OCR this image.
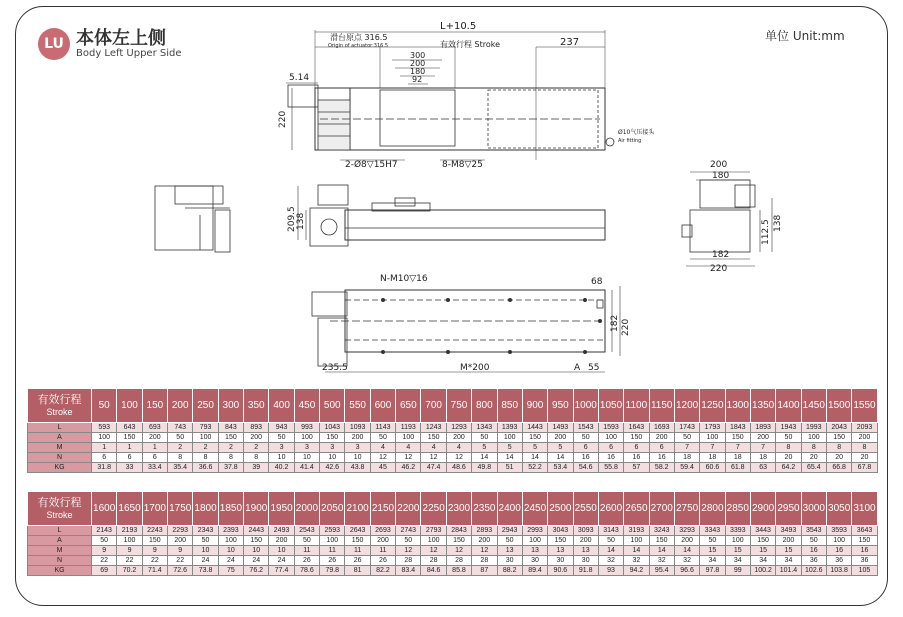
LU 本体左上侧
Body Left Upper Side
单位 Unit:mm
L+10.5
237
300
200
180
92
5.14
220
滑台原点 316.5
Origin of actuator:316.5	有效行程 Stroke
Ø10气压接头
Air fitting
2-Ø8▽15H7	8-M8▽25
209.5 138
200
180
182
220
112.5 138
N-M10▽16	68
182 220
235.5	M*200	A 55
有效行程
Stroke	50	100	150	200	250	300	350	400	450	500	550	600	650	700	750	800	850	900	950	1000	1050	1100	1150	1200	1250	1300	1350	1400	1450	1500	1550
L	593	643	693	743	793	843	893	943	993	1043	1093	1143	1193	1243	1293	1343	1393	1443	1493	1543	1593	1643	1693	1743	1793	1843	1893	1943	1993	2043	2093
A	100	150	200	50	100	150	200	50	100	150	200	50	100	150	200	50	100	150	200	50	100	150	200	50	100	150	200	50	100	150	200
M	1	1	1	2	2	2	2	3	3	3	3	4	4	4	4	5	5	5	5	6	6	6	6	7	7	7	7	8	8	8	8
N	6	6	6	8	8	8	8	10	10	10	10	12	12	12	12	14	14	14	14	16	16	16	16	18	18	18	18	20	20	20	20
KG	31.8	33	33.4	35.4	36.6	37.8	39	40.2	41.4	42.6	43.8	45	46.2	47.4	48.6	49.8	51	52.2	53.4	54.6	55.8	57	58.2	59.4	60.6	61.8	63	64.2	65.4	66.8	67.8
有效行程
Stroke	1600	1650	1700	1750	1800	1850	1900	1950	2000	2050	2100	2150	2200	2250	2300	2350	2400	2450	2500	2550	2600	2650	2700	2750	2800	2850	2900	2950	3000	3050	3100
L	2143	2193	2243	2293	2343	2393	2443	2493	2543	2593	2643	2693	2743	2793	2843	2893	2943	2993	3043	3093	3143	3193	3243	3293	3343	3393	3443	3493	3543	3593	3643
A	50	100	150	200	50	100	150	200	50	100	150	200	50	100	150	200	50	100	150	200	50	100	150	200	50	100	150	200	50	100	150
M	9	9	9	9	10	10	10	10	11	11	11	11	12	12	12	12	13	13	13	13	14	14	14	14	15	15	15	15	16	16	16
N	22	22	22	22	24	24	24	24	26	26	26	26	28	28	28	28	30	30	30	30	32	32	32	32	34	34	34	34	36	36	36
KG	69	70.2	71.4	72.6	73.8	75	76.2	77.4	78.6	79.8	81	82.2	83.4	84.6	85.8	87	88.2	89.4	90.6	91.8	93	94.2	95.4	96.6	97.8	99	100.2	101.4	102.6	103.8	105
